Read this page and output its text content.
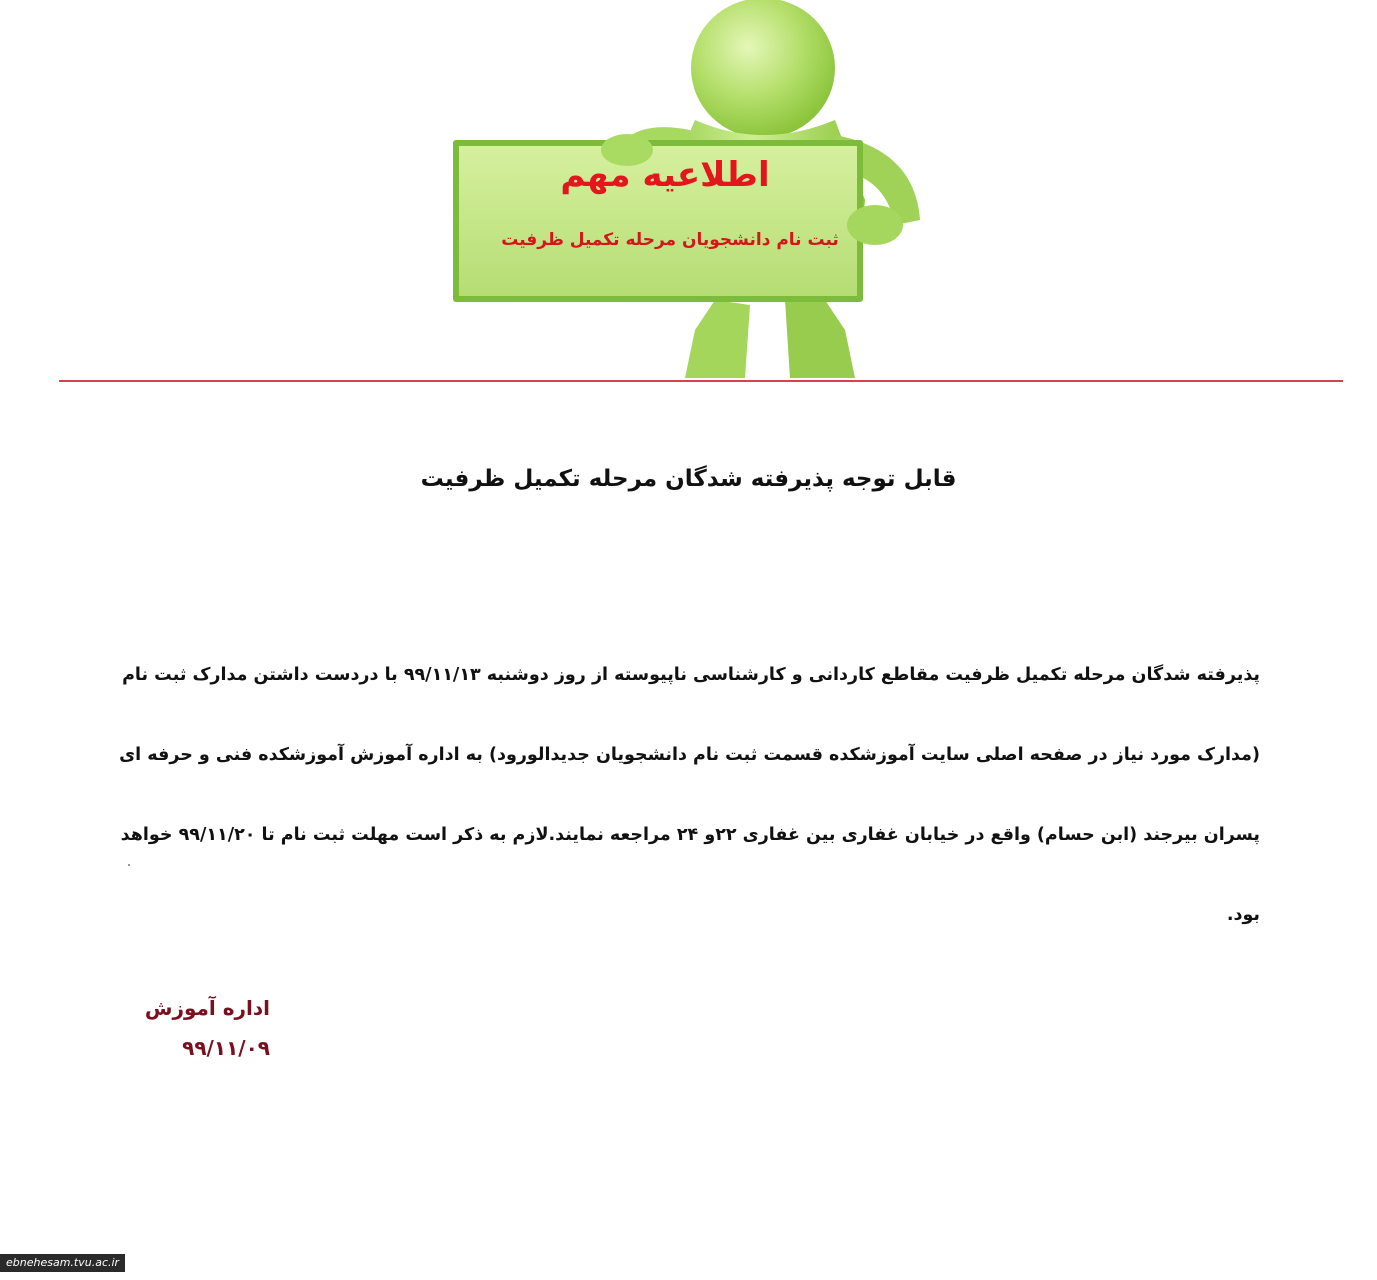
اطلاعیه مهم
ثبت نام دانشجویان مرحله تکمیل ظرفیت
قابل توجه پذیرفته شدگان مرحله تکمیل ظرفیت
پذیرفته شدگان مرحله تکمیل ظرفیت مقاطع کاردانی و کارشناسی ناپیوسته از روز دوشنبه ۹۹/۱۱/۱۳ با دردست داشتن مدارک ثبت نام
(مدارک مورد نیاز در صفحه اصلی سایت آموزشکده قسمت ثبت نام دانشجویان جدیدالورود) به اداره آموزش آموزشکده فنی و حرفه ای
پسران بیرجند (ابن حسام) واقع در خیابان غفاری بین غفاری ۲۲و ۲۴ مراجعه نمایند.لازم به ذکر است مهلت ثبت نام تا ۹۹/۱۱/۲۰ خواهد
بود.
اداره آموزش
۹۹/۱۱/۰۹
ebnehesam.tvu.ac.ir
